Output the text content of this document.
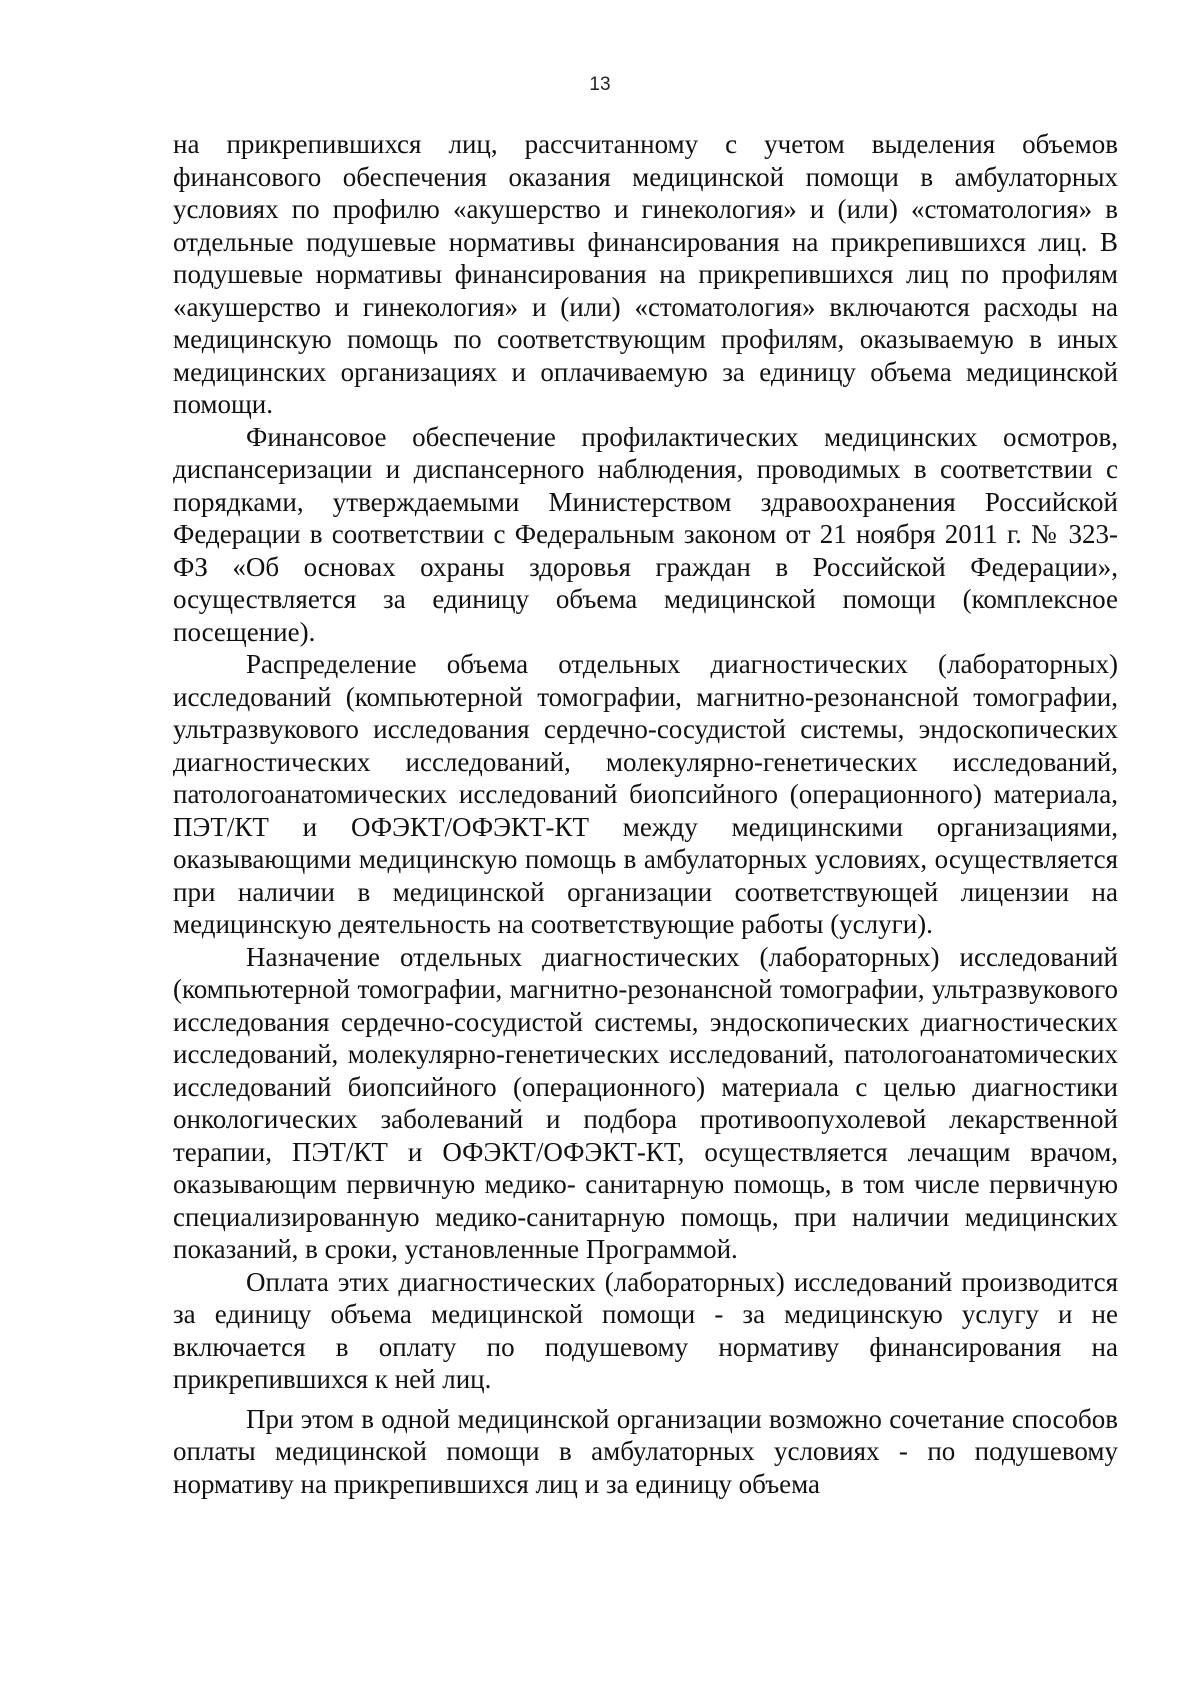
13

на прикрепившихся лиц, рассчитанному с учетом выделения объемов финансового обеспечения оказания медицинской помощи в амбулаторных условиях по профилю «акушерство и гинекология» и (или) «стоматология» в отдельные подушевые нормативы финансирования на прикрепившихся лиц. В подушевые нормативы финансирования на прикрепившихся лиц по профилям «акушерство и гинекология» и (или) «стоматология» включаются расходы на медицинскую помощь по соответствующим профилям, оказываемую в иных медицинских организациях и оплачиваемую за единицу объема медицинской помощи.

Финансовое обеспечение профилактических медицинских осмотров, диспансеризации и диспансерного наблюдения, проводимых в соответствии с порядками, утверждаемыми Министерством здравоохранения Российской Федерации в соответствии с Федеральным законом от 21 ноября 2011 г. № 323-ФЗ «Об основах охраны здоровья граждан в Российской Федерации», осуществляется за единицу объема медицинской помощи (комплексное посещение).

Распределение объема отдельных диагностических (лабораторных) исследований (компьютерной томографии, магнитно-резонансной томографии, ультразвукового исследования сердечно-сосудистой системы, эндоскопических диагностических исследований, молекулярно-генетических исследований, патологоанатомических исследований биопсийного (операционного) материала, ПЭТ/КТ и ОФЭКТ/ОФЭКТ-КТ между медицинскими организациями, оказывающими медицинскую помощь в амбулаторных условиях, осуществляется при наличии в медицинской организации соответствующей лицензии на медицинскую деятельность на соответствующие работы (услуги).

Назначение отдельных диагностических (лабораторных) исследований (компьютерной томографии, магнитно-резонансной томографии, ультразвукового исследования сердечно-сосудистой системы, эндоскопических диагностических исследований, молекулярно-генетических исследований, патологоанатомических исследований биопсийного (операционного) материала с целью диагностики онкологических заболеваний и подбора противоопухолевой лекарственной терапии, ПЭТ/КТ и ОФЭКТ/ОФЭКТ-КТ, осуществляется лечащим врачом, оказывающим первичную медико- санитарную помощь, в том числе первичную специализированную медико-санитарную помощь, при наличии медицинских показаний, в сроки, установленные Программой.

Оплата этих диагностических (лабораторных) исследований производится за единицу объема медицинской помощи - за медицинскую услугу и не включается в оплату по подушевому нормативу финансирования на прикрепившихся к ней лиц.

При этом в одной медицинской организации возможно сочетание способов оплаты медицинской помощи в амбулаторных условиях - по подушевому нормативу на прикрепившихся лиц и за единицу объема
